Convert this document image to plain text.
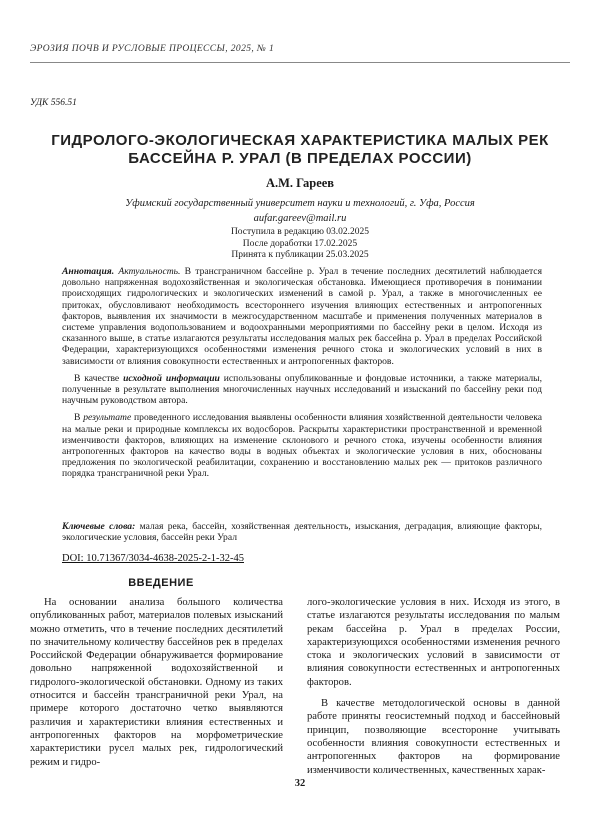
ЭРОЗИЯ ПОЧВ И РУСЛОВЫЕ ПРОЦЕССЫ, 2025, № 1
УДК 556.51
ГИДРОЛОГО-ЭКОЛОГИЧЕСКАЯ ХАРАКТЕРИСТИКА МАЛЫХ РЕК
БАССЕЙНА Р. УРАЛ (В ПРЕДЕЛАХ РОССИИ)
А.М. Гареев
Уфимский государственный университет науки и технологий, г. Уфа, Россия
aufar.gareev@mail.ru
Поступила в редакцию 03.02.2025
После доработки 17.02.2025
Принята к публикации 25.03.2025

Аннотация. Актуальность. В трансграничном бассейне р. Урал в течение последних десятилетий наблюдается довольно напряженная водохозяйственная и экологическая обстановка. Имеющиеся противоречия в понимании происходящих гидрологических и экологических изменений в самой р. Урал, а также в многочисленных ее притоках, обусловливают необходимость всестороннего изучения влияющих естественных и антропогенных факторов, выявления их значимости в межгосударственном масштабе и применения полученных материалов в системе управления водопользованием и водоохранными мероприятиями по бассейну реки в целом. Исходя из сказанного выше, в статье излагаются результаты исследования малых рек бассейна р. Урал в пределах Российской Федерации, характеризующихся особенностями изменения речного стока и экологических условий в них в зависимости от влияния совокупности естественных и антропогенных факторов.

В качестве исходной информации использованы опубликованные и фондовые источники, а также материалы, полученные в результате выполнения многочисленных научных исследований и изысканий по бассейну реки под научным руководством автора.

В результате проведенного исследования выявлены особенности влияния хозяйственной деятельности человека на малые реки и природные комплексы их водосборов. Раскрыты характеристики пространственной и временной изменчивости факторов, влияющих на изменение склонового и речного стока, изучены особенности влияния антропогенных факторов на качество воды в водных объектах и экологические условия в них, обоснованы предложения по экологической реабилитации, сохранению и восстановлению малых рек — притоков различного порядка трансграничной реки Урал.

Ключевые слова: малая река, бассейн, хозяйственная деятельность, изыскания, деградация, влияющие факторы, экологические условия, бассейн реки Урал
DOI: 10.71367/3034-4638-2025-2-1-32-45
ВВЕДЕНИЕ

На основании анализа большого количества опубликованных работ, материалов полевых изысканий можно отметить, что в течение последних десятилетий по значительному количеству бассейнов рек в пределах Российской Федерации обнаруживается формирование довольно напряженной водохозяйственной и гидролого-экологической обстановки. Одному из таких относится и бассейн трансграничной реки Урал, на примере которого достаточно четко выявляются различия и характеристики влияния естественных и антропогенных факторов на морфометрические характеристики русел малых рек, гидрологический режим и гидро-

лого-экологические условия в них. Исходя из этого, в статье излагаются результаты исследования по малым рекам бассейна р. Урал в пределах России, характеризующихся особенностями изменения речного стока и экологических условий в зависимости от влияния совокупности естественных и антропогенных факторов.

В качестве методологической основы в данной работе приняты геосистемный подход и бассейновый принцип, позволяющие всесторонне учитывать особенности влияния совокупности естественных и антропогенных факторов на формирование изменчивости количественных, качественных харак-

32
